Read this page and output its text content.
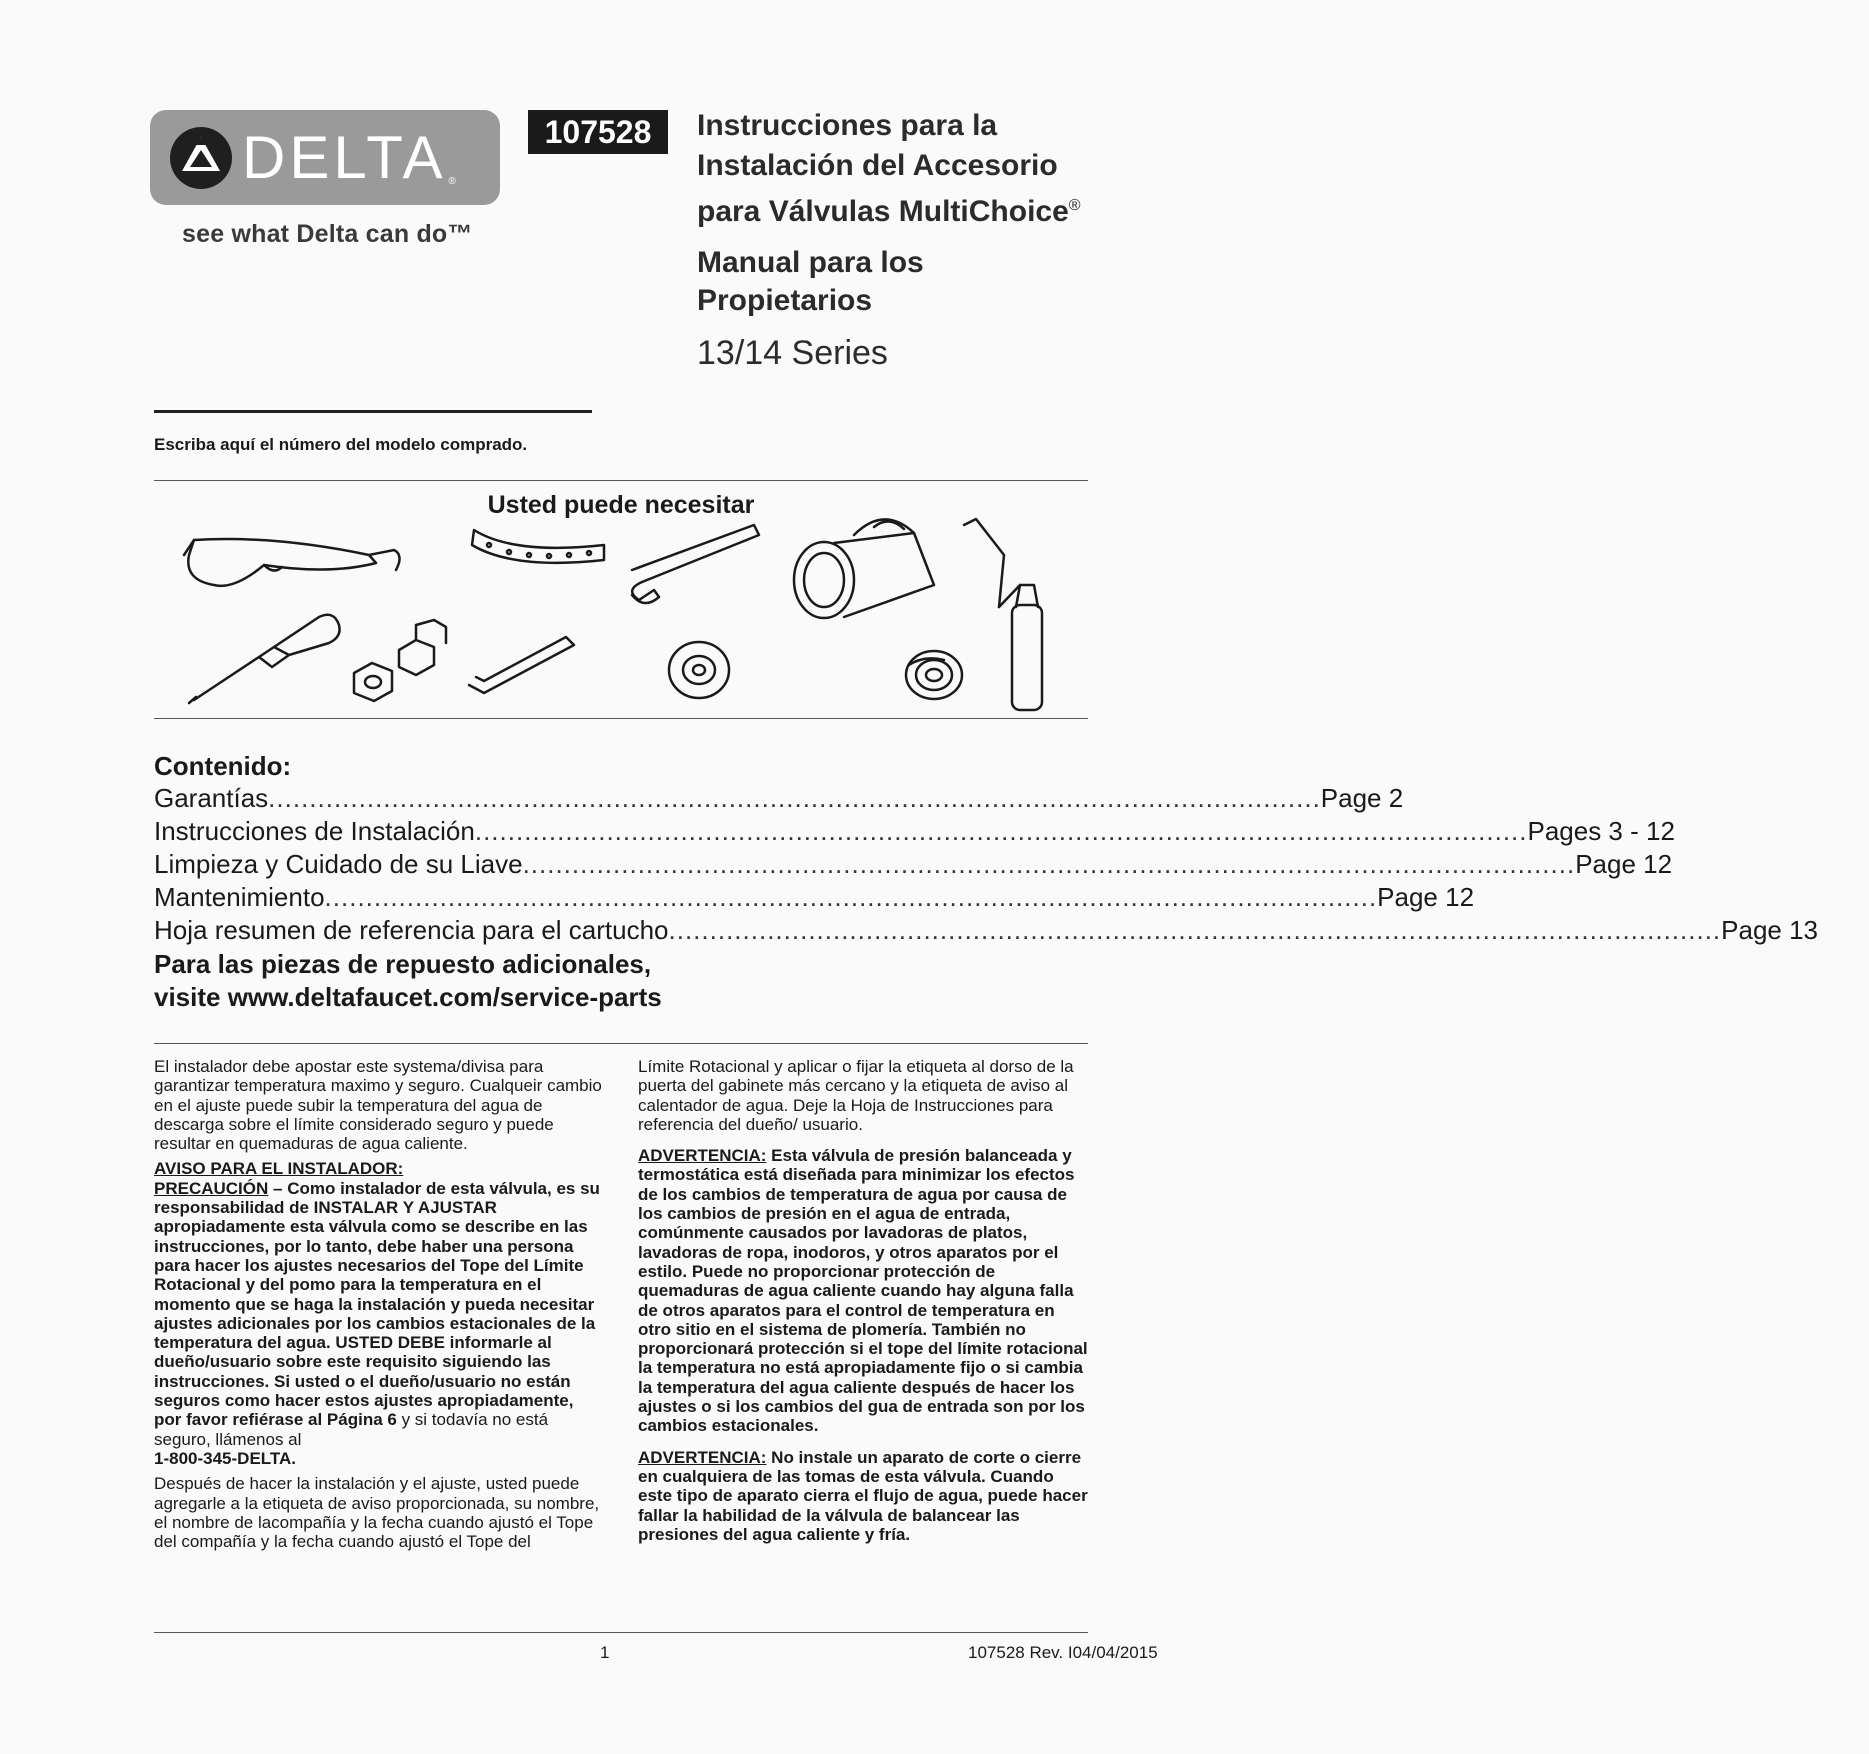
DELTA ®
see what Delta can do™
107528	Instrucciones para la
Instalación del Accesorio
para Válvulas MultiChoice®
Manual para los
Propietarios
13/14 Series
Escriba aquí el número del modelo comprado.
Usted puede necesitar
Contenido:
Garantías ................................................................................................................................ Page 2
Instrucciones de Instalación ................................................................................................................................ Pages 3 - 12
Limpieza y Cuidado de su Liave ................................................................................................................................ Page 12
Mantenimiento ................................................................................................................................ Page 12
Hoja resumen de referencia para el cartucho ................................................................................................................................ Page 13
Para las piezas de repuesto adicionales,
visite www.deltafaucet.com/service-parts

El instalador debe apostar este systema/divisa para garantizar temperatura maximo y seguro. Cualqueir cambio en el ajuste puede subir la temperatura del agua de descarga sobre el límite considerado seguro y puede resultar en quemaduras de agua caliente.

AVISO PARA EL INSTALADOR:
PRECAUCIÓN – Como instalador de esta válvula, es su responsabilidad de INSTALAR Y AJUSTAR apropiadamente esta válvula como se describe en las instrucciones, por lo tanto, debe haber una persona para hacer los ajustes necesarios del Tope del Límite Rotacional y del pomo para la temperatura en el momento que se haga la instalación y pueda necesitar ajustes adicionales por los cambios estacionales de la temperatura del agua. USTED DEBE informarle al dueño/usuario sobre este requisito siguiendo las instrucciones. Si usted o el dueño/usuario no están seguros como hacer estos ajustes apropiadamente, por favor refiérase al Página 6 y si todavía no está seguro, llámenos al
1-800-345-DELTA.

Después de hacer la instalación y el ajuste, usted puede agregarle a la etiqueta de aviso proporcionada, su nombre, el nombre de lacompañía y la fecha cuando ajustó el Tope del compañía y la fecha cuando ajustó el Tope del

Límite Rotacional y aplicar o fijar la etiqueta al dorso de la puerta del gabinete más cercano y la etiqueta de aviso al calentador de agua. Deje la Hoja de Instrucciones para referencia del dueño/ usuario.

ADVERTENCIA: Esta válvula de presión balanceada y termostática está diseñada para minimizar los efectos de los cambios de temperatura de agua por causa de los cambios de presión en el agua de entrada, comúnmente causados por lavadoras de platos, lavadoras de ropa, inodoros, y otros aparatos por el estilo. Puede no proporcionar protección de quemaduras de agua caliente cuando hay alguna falla de otros aparatos para el control de temperatura en otro sitio en el sistema de plomería. También no proporcionará protección si el tope del límite rotacional la temperatura no está apropiadamente fijo o si cambia la temperatura del agua caliente después de hacer los ajustes o si los cambios del gua de entrada son por los cambios estacionales.

ADVERTENCIA: No instale un aparato de corte o cierre en cualquiera de las tomas de esta válvula. Cuando este tipo de aparato cierra el flujo de agua, puede hacer fallar la habilidad de la válvula de balancear las presiones del agua caliente y fría.

1	107528 Rev. I04/04/2015
